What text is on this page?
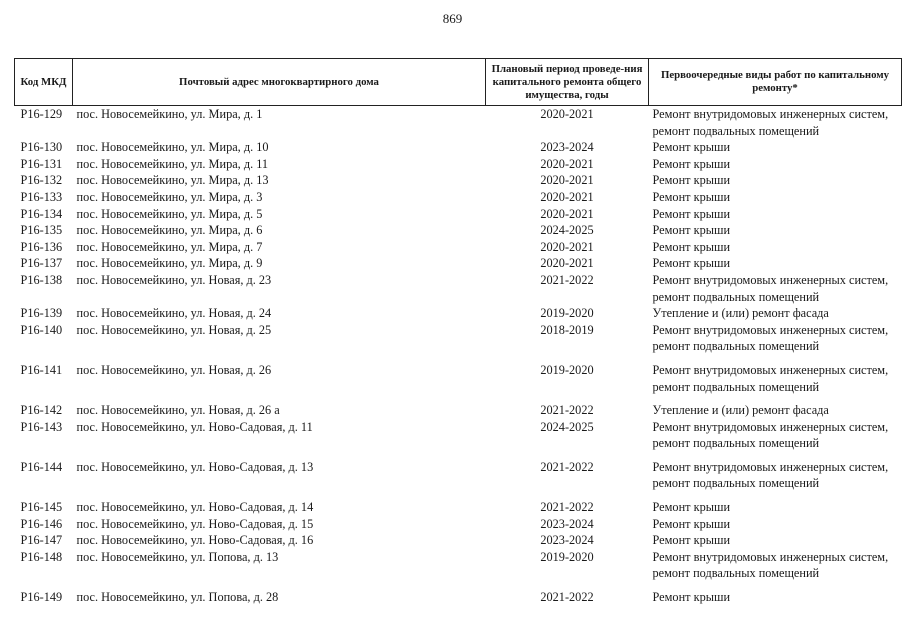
869
Код МКД	Почтовый адрес многоквартирного дома	Плановый период проведе-ния капитального ремонта общего имущества, годы	Первоочередные виды работ по капитальному ремонту*
P16-129	пос. Новосемейкино, ул. Мира, д. 1	2020-2021	Ремонт внутридомовых инженерных систем, ремонт подвальных помещений
P16-130	пос. Новосемейкино, ул. Мира, д. 10	2023-2024	Ремонт крыши
P16-131	пос. Новосемейкино, ул. Мира, д. 11	2020-2021	Ремонт крыши
P16-132	пос. Новосемейкино, ул. Мира, д. 13	2020-2021	Ремонт крыши
P16-133	пос. Новосемейкино, ул. Мира, д. 3	2020-2021	Ремонт крыши
P16-134	пос. Новосемейкино, ул. Мира, д. 5	2020-2021	Ремонт крыши
P16-135	пос. Новосемейкино, ул. Мира, д. 6	2024-2025	Ремонт крыши
P16-136	пос. Новосемейкино, ул. Мира, д. 7	2020-2021	Ремонт крыши
P16-137	пос. Новосемейкино, ул. Мира, д. 9	2020-2021	Ремонт крыши
P16-138	пос. Новосемейкино, ул. Новая, д. 23	2021-2022	Ремонт внутридомовых инженерных систем, ремонт подвальных помещений
P16-139	пос. Новосемейкино, ул. Новая, д. 24	2019-2020	Утепление и (или) ремонт фасада
P16-140	пос. Новосемейкино, ул. Новая, д. 25	2018-2019	Ремонт внутридомовых инженерных систем, ремонт подвальных помещений

P16-141	пос. Новосемейкино, ул. Новая, д. 26	2019-2020	Ремонт внутридомовых инженерных систем, ремонт подвальных помещений

P16-142	пос. Новосемейкино, ул. Новая, д. 26 а	2021-2022	Утепление и (или) ремонт фасада
P16-143	пос. Новосемейкино, ул. Ново-Садовая, д. 11	2024-2025	Ремонт внутридомовых инженерных систем, ремонт подвальных помещений

P16-144	пос. Новосемейкино, ул. Ново-Садовая, д. 13	2021-2022	Ремонт внутридомовых инженерных систем, ремонт подвальных помещений

P16-145	пос. Новосемейкино, ул. Ново-Садовая, д. 14	2021-2022	Ремонт крыши
P16-146	пос. Новосемейкино, ул. Ново-Садовая, д. 15	2023-2024	Ремонт крыши
P16-147	пос. Новосемейкино, ул. Ново-Садовая, д. 16	2023-2024	Ремонт крыши
P16-148	пос. Новосемейкино, ул. Попова, д. 13	2019-2020	Ремонт внутридомовых инженерных систем, ремонт подвальных помещений

P16-149	пос. Новосемейкино, ул. Попова, д. 28	2021-2022	Ремонт крыши
